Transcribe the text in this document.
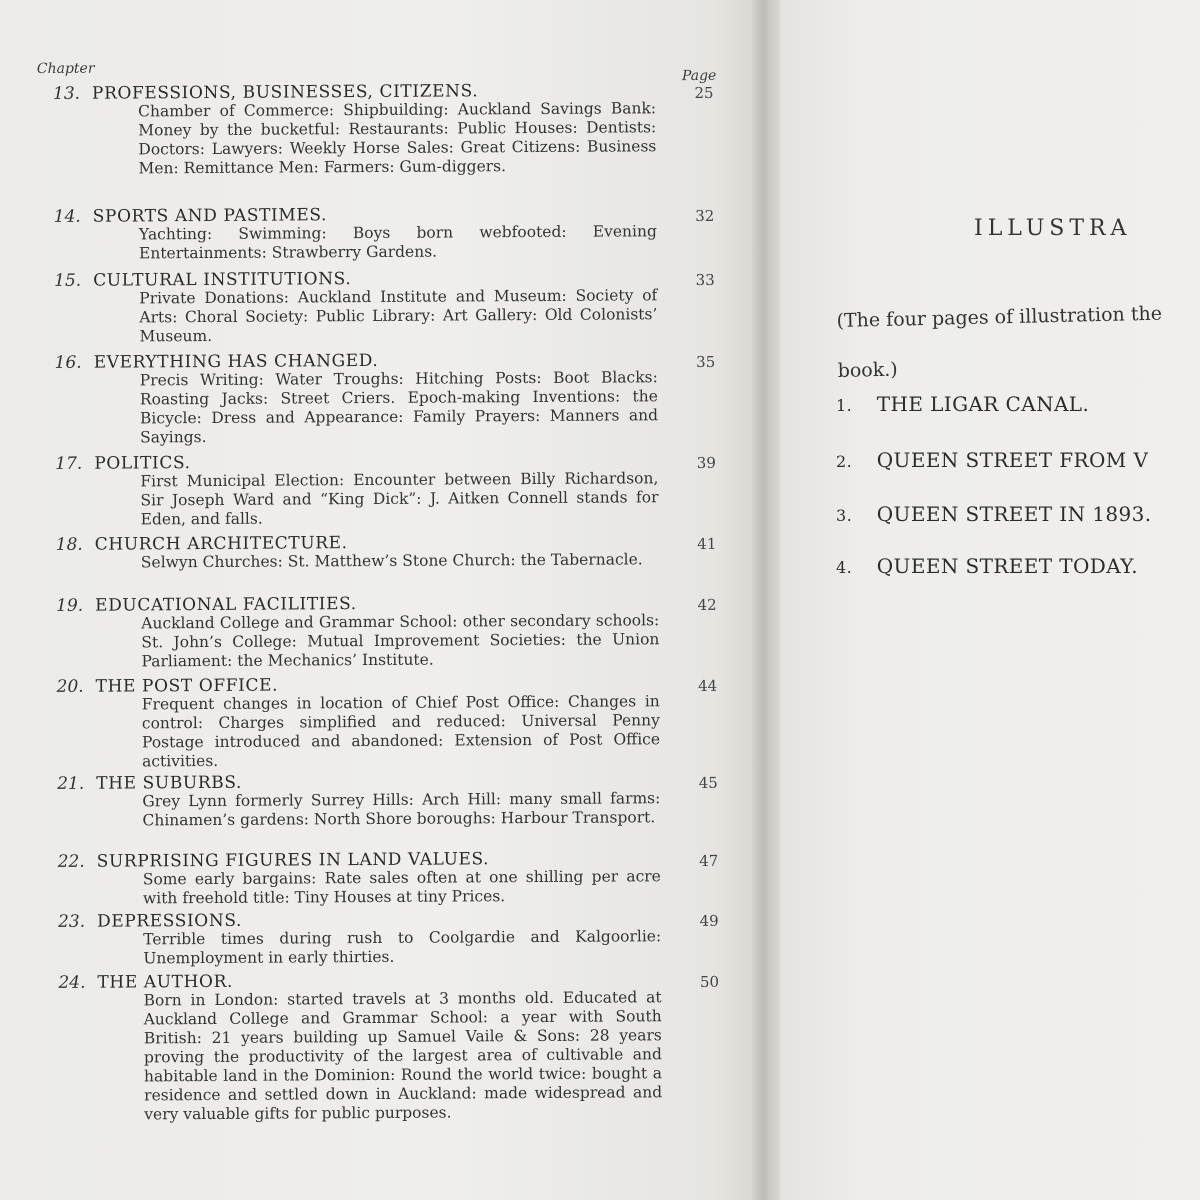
Chapter	Page
13. PROFESSIONS, BUSINESSES, CITIZENS.	25
Chamber of Commerce: Shipbuilding: Auckland Savings Bank: Money by the bucketful: Restaurants: Public Houses: Dentists: Doctors: Lawyers: Weekly Horse Sales: Great Citizens: Business Men: Remittance Men: Farmers: Gum-diggers.
14. SPORTS AND PASTIMES.	32
Yachting: Swimming: Boys born webfooted: Evening Entertainments: Strawberry Gardens.
15. CULTURAL INSTITUTIONS.	33
Private Donations: Auckland Institute and Museum: Society of Arts: Choral Society: Public Library: Art Gallery: Old Colonists’ Museum.
16. EVERYTHING HAS CHANGED.	35
Precis Writing: Water Troughs: Hitching Posts: Boot Blacks: Roasting Jacks: Street Criers. Epoch-making Inventions: the Bicycle: Dress and Appearance: Family Prayers: Manners and Sayings.
17. POLITICS.	39
First Municipal Election: Encounter between Billy Richardson, Sir Joseph Ward and “King Dick”: J. Aitken Connell stands for Eden, and falls.
18. CHURCH ARCHITECTURE.	41
Selwyn Churches: St. Matthew’s Stone Church: the Tabernacle.
19. EDUCATIONAL FACILITIES.	42
Auckland College and Grammar School: other secondary schools: St. John’s College: Mutual Improvement Societies: the Union Parliament: the Mechanics’ Institute.
20. THE POST OFFICE.	44
Frequent changes in location of Chief Post Office: Changes in control: Charges simplified and reduced: Universal Penny Postage introduced and abandoned: Extension of Post Office activities.
21. THE SUBURBS.	45
Grey Lynn formerly Surrey Hills: Arch Hill: many small farms: Chinamen’s gardens: North Shore boroughs: Harbour Transport.
22. SURPRISING FIGURES IN LAND VALUES.	47
Some early bargains: Rate sales often at one shilling per acre with freehold title: Tiny Houses at tiny Prices.
23. DEPRESSIONS.	49
Terrible times during rush to Coolgardie and Kalgoorlie: Unemployment in early thirties.
24. THE AUTHOR.	50
Born in London: started travels at 3 months old. Educated at Auckland College and Grammar School: a year with South British: 21 years building up Samuel Vaile & Sons: 28 years proving the productivity of the largest area of cultivable and habitable land in the Dominion: Round the world twice: bought a residence and settled down in Auckland: made widespread and very valuable gifts for public purposes.
ILLUSTRA
(The four pages of illustration the book.)
1. THE LIGAR CANAL.
2. QUEEN STREET FROM V
3. QUEEN STREET IN 1893.
4. QUEEN STREET TODAY.
